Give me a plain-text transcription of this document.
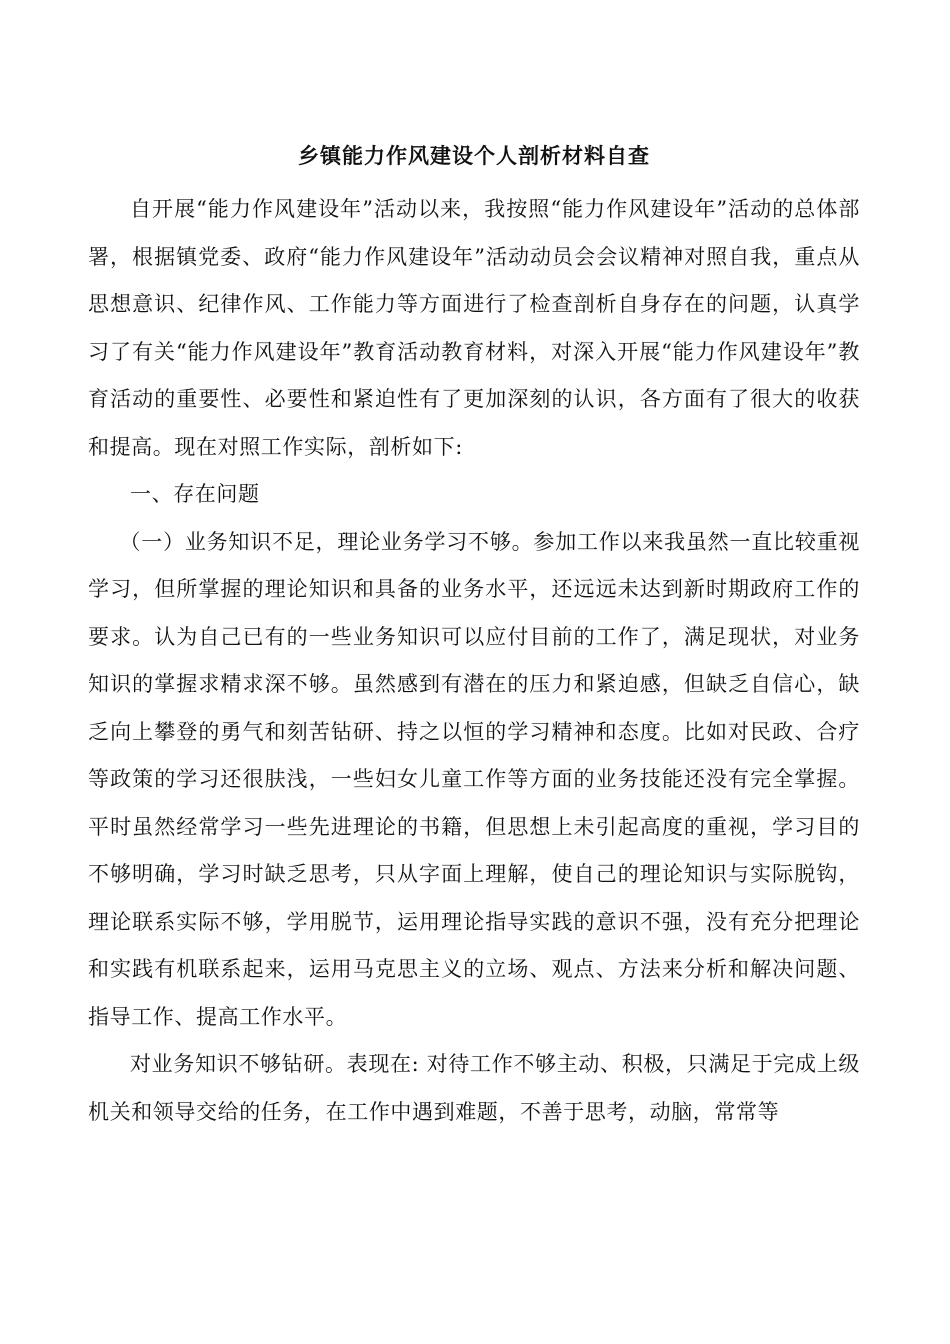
乡镇能力作风建设个人剖析材料自查

自开展“能力作风建设年”活动以来，我按照“能力作风建设年”活动的总体部署，根据镇党委、政府“能力作风建设年”活动动员会会议精神对照自我，重点从思想意识、纪律作风、工作能力等方面进行了检查剖析自身存在的问题，认真学习了有关“能力作风建设年”教育活动教育材料，对深入开展“能力作风建设年”教育活动的重要性、必要性和紧迫性有了更加深刻的认识，各方面有了很大的收获和提高。现在对照工作实际，剖析如下:

一、存在问题

（一）业务知识不足，理论业务学习不够。参加工作以来我虽然一直比较重视学习，但所掌握的理论知识和具备的业务水平，还远远未达到新时期政府工作的要求。认为自己已有的一些业务知识可以应付目前的工作了，满足现状，对业务知识的掌握求精求深不够。虽然感到有潜在的压力和紧迫感，但缺乏自信心，缺乏向上攀登的勇气和刻苦钻研、持之以恒的学习精神和态度。比如对民政、合疗等政策的学习还很肤浅，一些妇女儿童工作等方面的业务技能还没有完全掌握。平时虽然经常学习一些先进理论的书籍，但思想上未引起高度的重视，学习目的不够明确，学习时缺乏思考，只从字面上理解，使自己的理论知识与实际脱钩，理论联系实际不够，学用脱节，运用理论指导实践的意识不强，没有充分把理论和实践有机联系起来，运用马克思主义的立场、观点、方法来分析和解决问题、指导工作、提高工作水平。

对业务知识不够钻研。表现在: 对待工作不够主动、积极，只满足于完成上级机关和领导交给的任务，在工作中遇到难题，不善于思考，动脑，常常等
